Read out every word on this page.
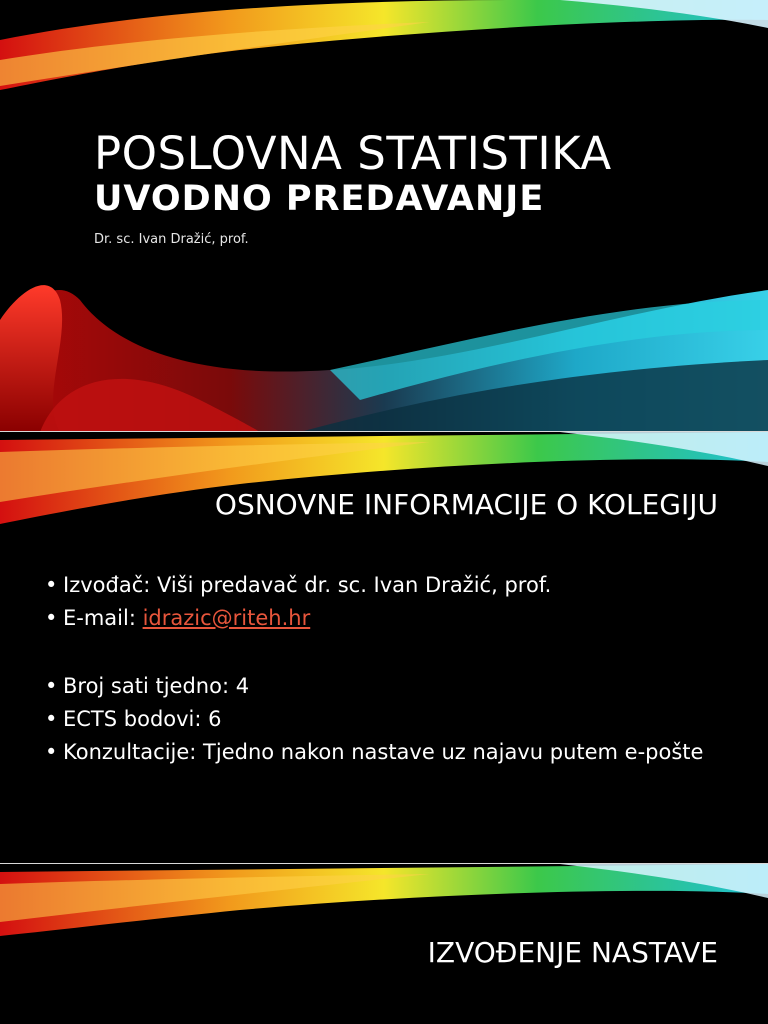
POSLOVNA STATISTIKA
UVODNO PREDAVANJE
Dr. sc. Ivan Dražić, prof.
OSNOVNE INFORMACIJE O KOLEGIJU
• Izvođač: Viši predavač dr. sc. Ivan Dražić, prof.
• E-mail: idrazic@riteh.hr
• Broj sati tjedno: 4
• ECTS bodovi: 6
• Konzultacije: Tjedno nakon nastave uz najavu putem e-pošte
IZVOĐENJE NASTAVE
